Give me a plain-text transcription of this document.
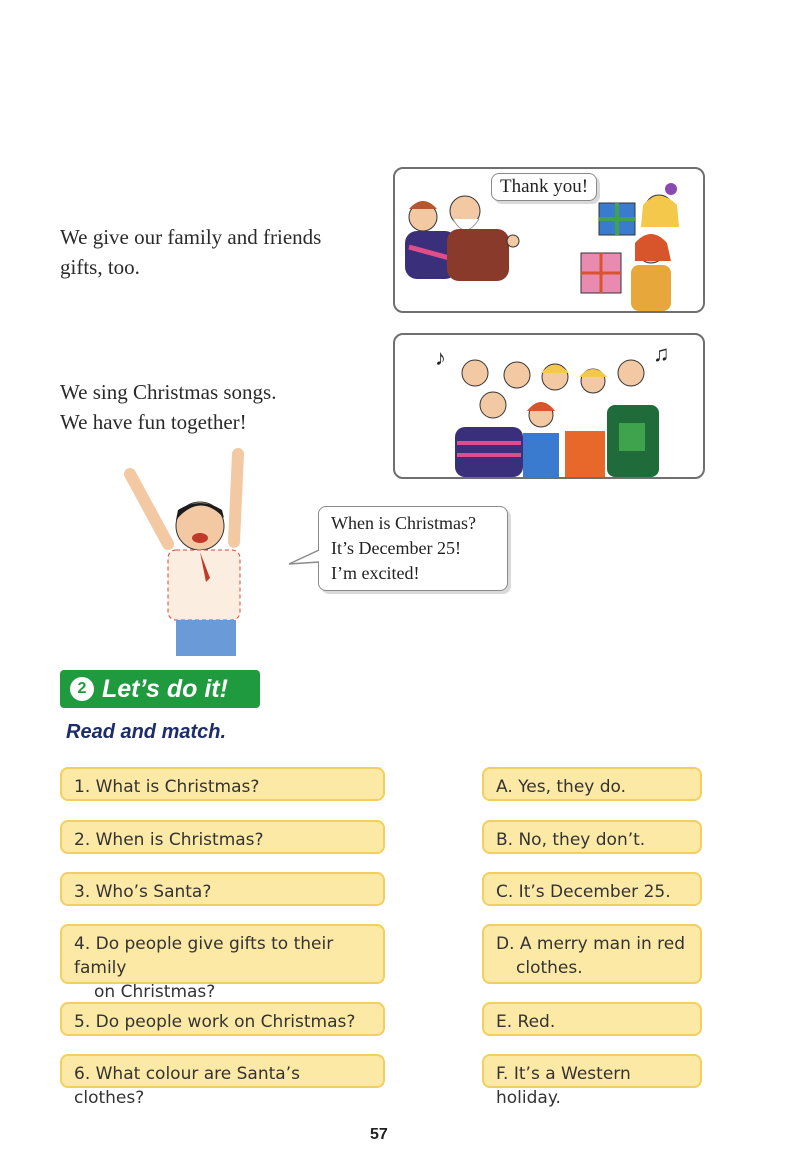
We give our family and friends
gifts, too.
Thank you!
We sing Christmas songs.
We have fun together!
♪	♫
When is Christmas?
It’s December 25!
I’m excited!
2 Let’s do it!
Read and match.
1. What is Christmas?
2. When is Christmas?
3. Who’s Santa?
4. Do people give gifts to their family
on Christmas?
5. Do people work on Christmas?
6. What colour are Santa’s clothes?
A. Yes, they do.
B. No, they don’t.
C. It’s December 25.
D. A merry man in red
clothes.
E. Red.
F. It’s a Western holiday.
57
